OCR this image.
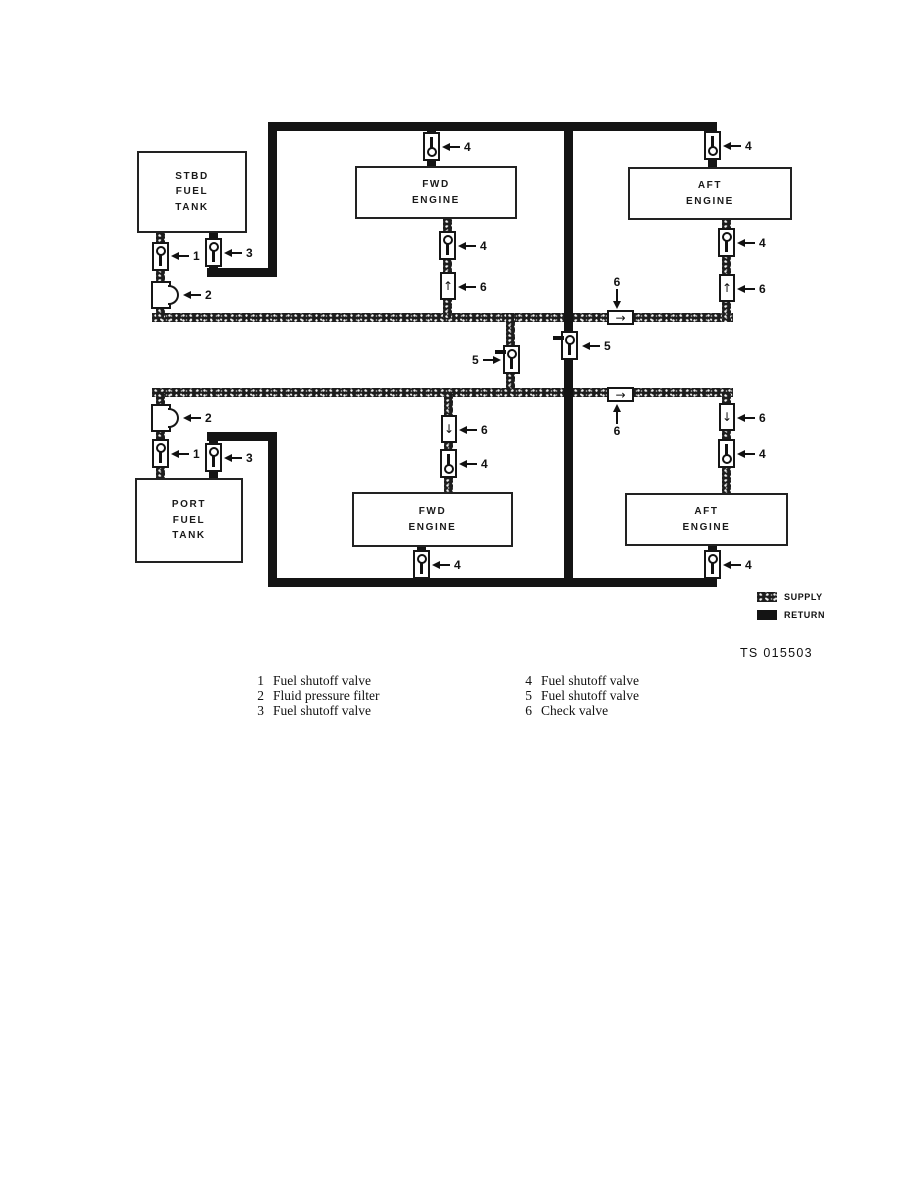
STBD
FUEL
TANK
FWD
ENGINE
AFT
ENGINE
PORT
FUEL
TANK
FWD
ENGINE
AFT
ENGINE
↑	↑
→
→
↓
↓
1
2
3
4
4
6
4
4
6
6
5
5
6
2
1	3
6
4
4
6
4
4
SUPPLY
RETURN
TS 015503
1 Fuel shutoff valve
2 Fluid pressure filter
3 Fuel shutoff valve
4 Fuel shutoff valve
5 Fuel shutoff valve
6 Check valve
